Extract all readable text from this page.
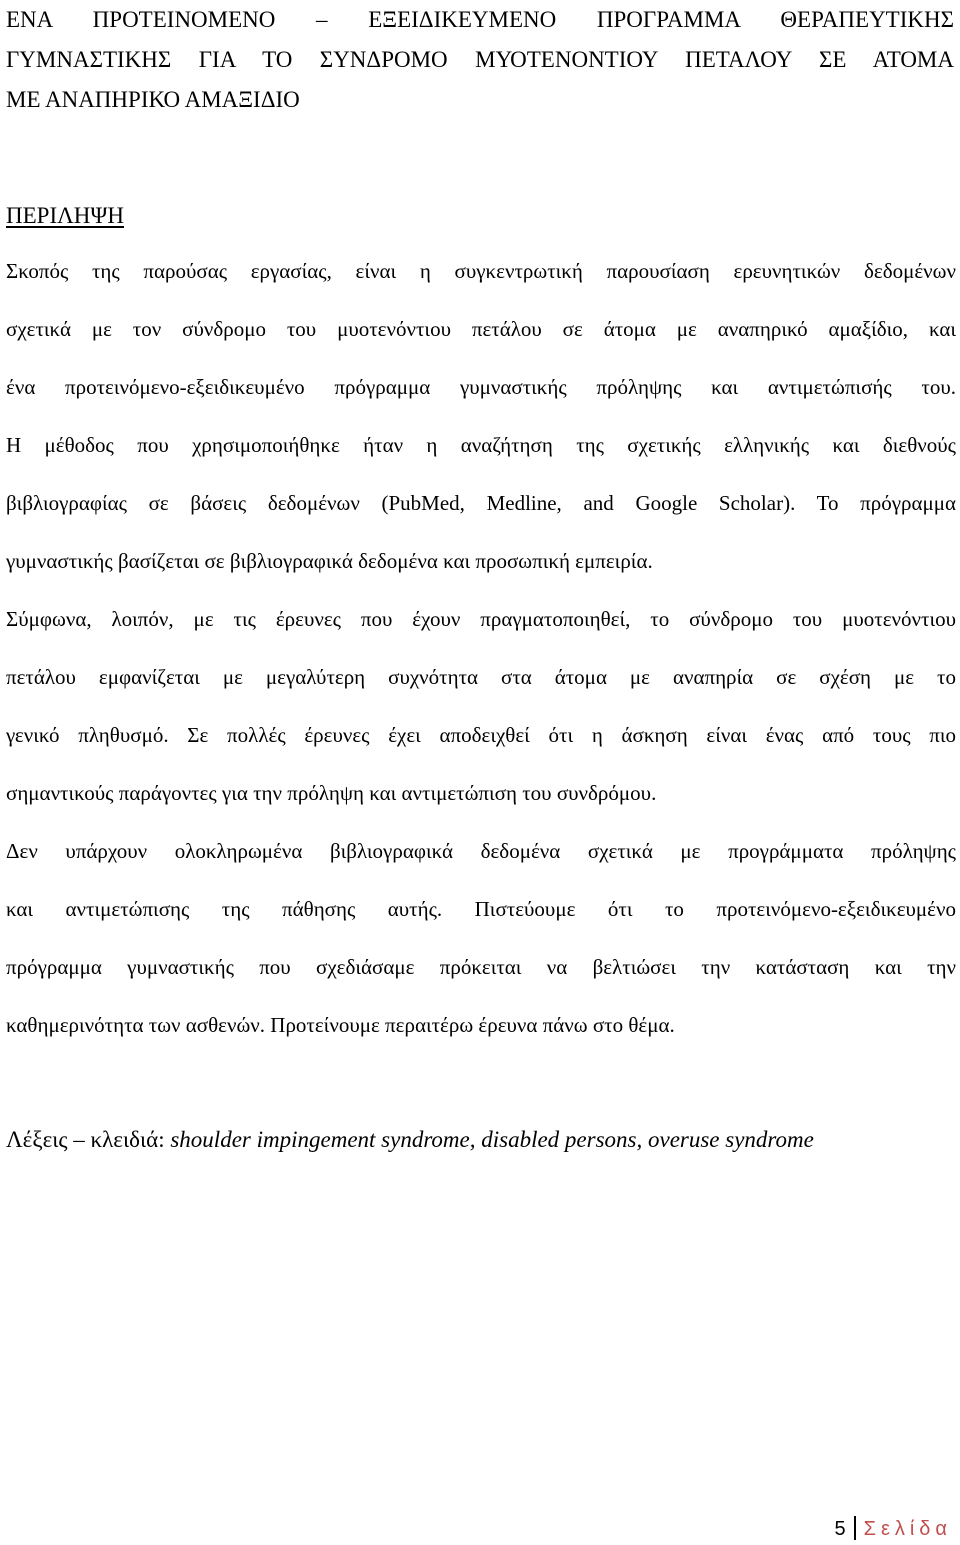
ΕΝΑ ΠΡΟΤΕΙΝΟΜΕΝΟ – ΕΞΕΙΔΙΚΕΥΜΕΝΟ ΠΡΟΓΡΑΜΜΑ ΘΕΡΑΠΕΥΤΙΚΗΣ
ΓΥΜΝΑΣΤΙΚΗΣ ΓΙΑ ΤΟ ΣΥΝΔΡΟΜΟ ΜΥΟΤΕΝΟΝΤΙΟΥ ΠΕΤΑΛΟΥ ΣΕ ΑΤΟΜΑ
ΜΕ ΑΝΑΠΗΡΙΚΟ ΑΜΑΞΙΔΙΟ
ΠΕΡΙΛΗΨΗ
Σκοπός της παρούσας εργασίας, είναι η συγκεντρωτική παρουσίαση ερευνητικών δεδομένων
σχετικά με τον σύνδρομο του μυοτενόντιου πετάλου σε άτομα με αναπηρικό αμαξίδιο, και
ένα προτεινόμενο-εξειδικευμένο πρόγραμμα γυμναστικής πρόληψης και αντιμετώπισής του.
Η μέθοδος που χρησιμοποιήθηκε ήταν η αναζήτηση της σχετικής ελληνικής και διεθνούς
βιβλιογραφίας σε βάσεις δεδομένων (PubMed, Medline, and Google Scholar). Το πρόγραμμα
γυμναστικής βασίζεται σε βιβλιογραφικά δεδομένα και προσωπική εμπειρία.
Σύμφωνα, λοιπόν, με τις έρευνες που έχουν πραγματοποιηθεί, το σύνδρομο του μυοτενόντιου
πετάλου εμφανίζεται με μεγαλύτερη συχνότητα στα άτομα με αναπηρία σε σχέση με το
γενικό πληθυσμό. Σε πολλές έρευνες έχει αποδειχθεί ότι η άσκηση είναι ένας από τους πιο
σημαντικούς παράγοντες για την πρόληψη και αντιμετώπιση του συνδρόμου.
Δεν υπάρχουν ολοκληρωμένα βιβλιογραφικά δεδομένα σχετικά με προγράμματα πρόληψης
και αντιμετώπισης της πάθησης αυτής. Πιστεύουμε ότι το προτεινόμενο-εξειδικευμένο
πρόγραμμα γυμναστικής που σχεδιάσαμε πρόκειται να βελτιώσει την κατάσταση και την
καθημερινότητα των ασθενών. Προτείνουμε περαιτέρω έρευνα πάνω στο θέμα.
Λέξεις – κλειδιά: shoulder impingement syndrome, disabled persons, overuse syndrome
5 Σελίδα
